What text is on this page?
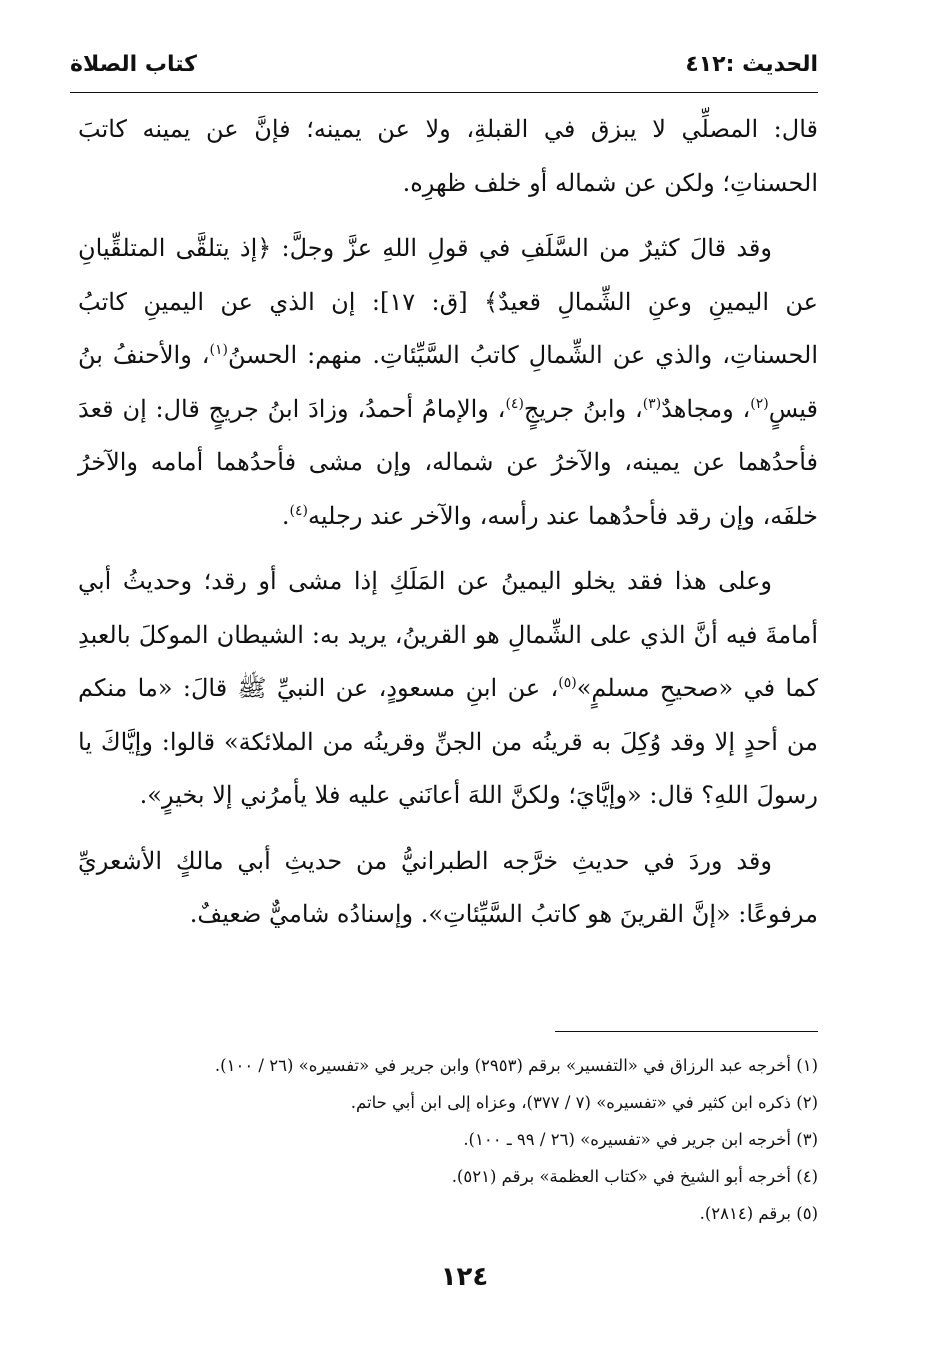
الحديث :٤١٢
كتاب الصلاة

قال: المصلِّي لا يبزق في القبلةِ، ولا عن يمينه؛ فإنَّ عن يمينه كاتبَ الحسناتِ؛ ولكن عن شماله أو خلف ظهرِه.

وقد قالَ كثيرٌ من السَّلَفِ في قولِ اللهِ عزَّ وجلَّ: ﴿إذ يتلقَّى المتلقِّيانِ عن اليمينِ وعنِ الشِّمالِ قعيدٌ﴾ [ق: ١٧]: إن الذي عن اليمينِ كاتبُ الحسناتِ، والذي عن الشِّمالِ كاتبُ السَّيِّئاتِ. منهم: الحسنُ$^{(١)}$، والأحنفُ بنُ قيسٍ$^{(٢)}$، ومجاهدٌ$^{(٣)}$، وابنُ جريجٍ$^{(٤)}$، والإمامُ أحمدُ، وزادَ ابنُ جريجٍ قال: إن قعدَ فأحدُهما عن يمينه، والآخرُ عن شماله، وإن مشى فأحدُهما أمامه والآخرُ خلفَه، وإن رقد فأحدُهما عند رأسه، والآخر عند رجليه$^{(٤)}$.

وعلى هذا فقد يخلو اليمينُ عن المَلَكِ إذا مشى أو رقد؛ وحديثُ أبي أمامةَ فيه أنَّ الذي على الشِّمالِ هو القرينُ، يريد به: الشيطان الموكلَ بالعبدِ كما في «صحيحِ مسلمٍ»$^{(٥)}$، عن ابنِ مسعودٍ، عن النبيِّ ﷺ قالَ: «ما منكم من أحدٍ إلا وقد وُكِلَ به قرينُه من الجنِّ وقرينُه من الملائكة» قالوا: وإيَّاكَ يا رسولَ اللهِ؟ قال: «وإيَّايَ؛ ولكنَّ اللهَ أعانَني عليه فلا يأمرُني إلا بخيرٍ».

وقد وردَ في حديثِ خرَّجه الطبرانيُّ من حديثِ أبي مالكٍ الأشعريِّ مرفوعًا: «إنَّ القرينَ هو كاتبُ السَّيِّئاتِ». وإسنادُه شاميٌّ ضعيفٌ.

(١) أخرجه عبد الرزاق في «التفسير» برقم (٢٩٥٣) وابن جرير في «تفسيره» (٢٦ / ١٠٠).
(٢) ذكره ابن كثير في «تفسيره» (٧ / ٣٧٧)، وعزاه إلى ابن أبي حاتم.
(٣) أخرجه ابن جرير في «تفسيره» (٢٦ / ٩٩ ـ ١٠٠).
(٤) أخرجه أبو الشيخ في «كتاب العظمة» برقم (٥٢١).
(٥) برقم (٢٨١٤).
١٢٤
